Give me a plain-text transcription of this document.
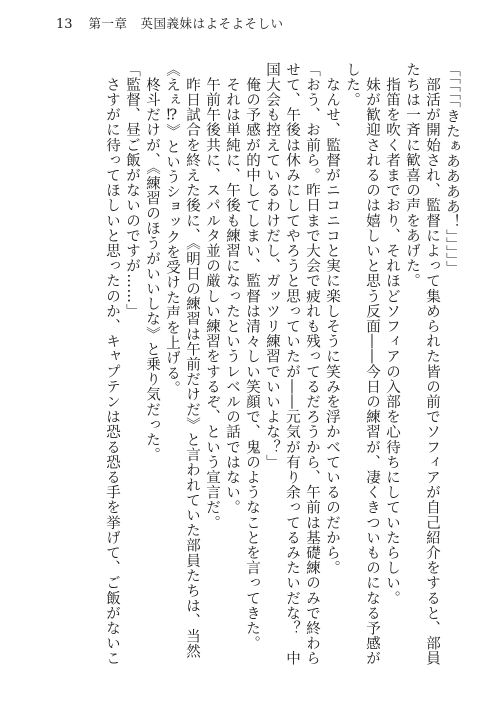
13 第一章　英国義妹はよそよそしい
「「「「「きたぁああああ！」」」」」
　部活が開始され、監督によって集められた皆の前でソフィアが自己紹介をすると、部員
たちは一斉に歓喜の声をあげた。
　指笛を吹く者までおり、それほどソフィアの入部を心待ちにしていたらしい。
　妹が歓迎されるのは嬉しいと思う反面――今日の練習が、凄くきついものになる予感が
した。
　なんせ、監督がニコニコと実に楽しそうに笑みを浮かべているのだから。
「おう、お前ら。昨日まで大会で疲れも残ってるだろうから、午前は基礎練のみで終わら
せて、午後は休みにしてやろうと思っていたが――元気が有り余ってるみたいだな？　中
国大会も控えているわけだし、ガッツリ練習でいいよな？」
　俺の予感が的中してしまい、監督は清々しい笑顔で、鬼のようなことを言ってきた。
　それは単純に、午後も練習になったというレベルの話ではない。
　午前午後共に、スパルタ並の厳しい練習をするぞ、という宣言だ。
　昨日試合を終えた後に、《明日の練習は午前だけだ》と言われていた部員たちは、当然
《えぇ⁉》というショックを受けた声を上げる。
　柊斗だけが、《練習のほうがいいしな》と乗り気だった。
「監督、昼ご飯がないのですが……」
　さすがに待ってほしいと思ったのか、キャプテンは恐る恐る手を挙げて、ご飯がないこ
